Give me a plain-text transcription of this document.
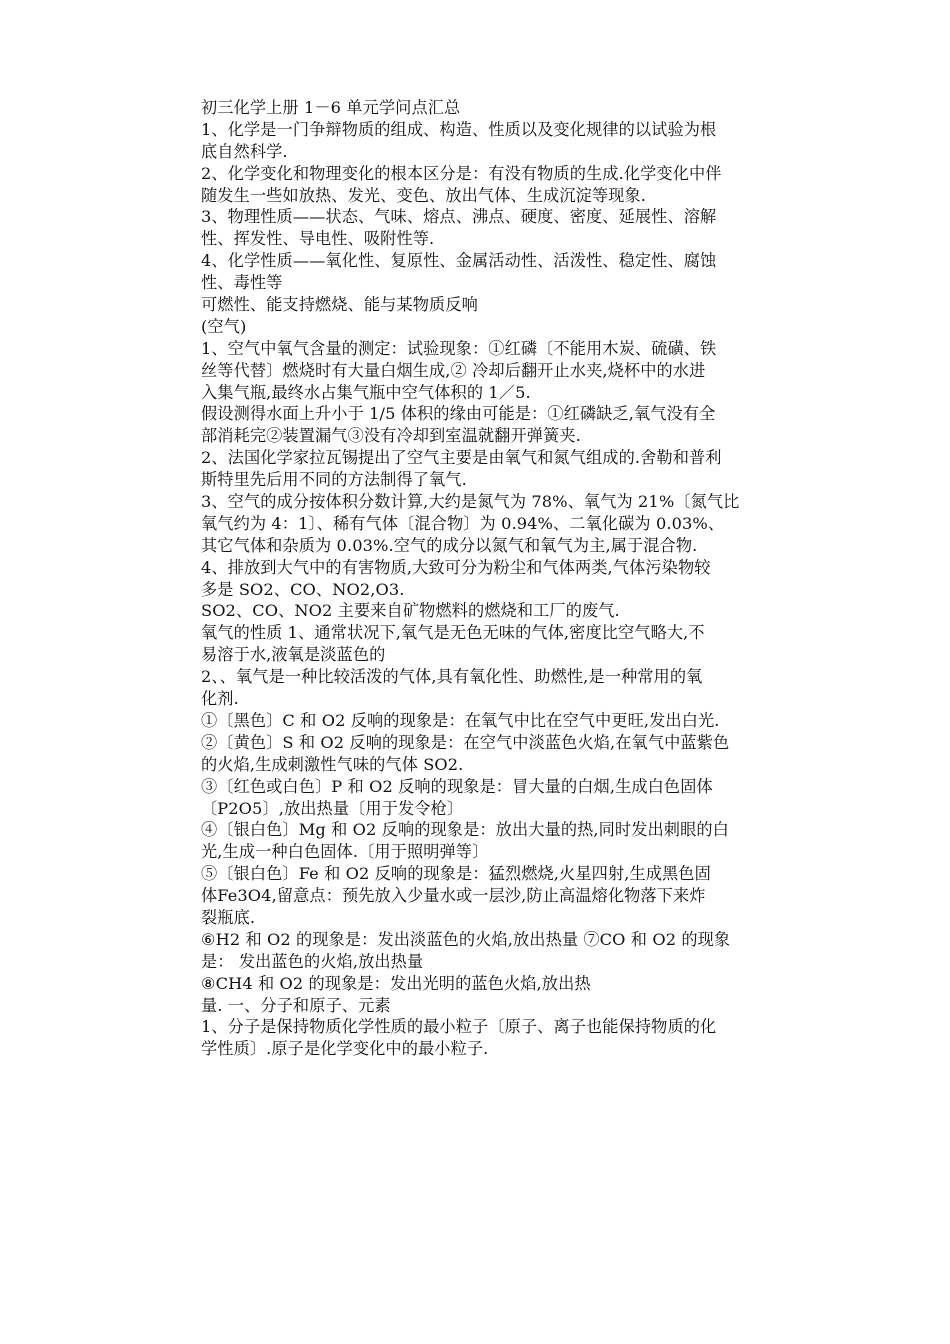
初三化学上册 1－6 单元学问点汇总
1、化学是一门争辩物质的组成、构造、性质以及变化规律的以试验为根
底自然科学.
2、化学变化和物理变化的根本区分是：有没有物质的生成.化学变化中伴
随发生一些如放热、发光、变色、放出气体、生成沉淀等现象.
3、物理性质——状态、气味、熔点、沸点、硬度、密度、延展性、溶解
性、挥发性、导电性、吸附性等.
4、化学性质——氧化性、复原性、金属活动性、活泼性、稳定性、腐蚀
性、毒性等
可燃性、能支持燃烧、能与某物质反响
(空气)
1、空气中氧气含量的测定：试验现象：①红磷〔不能用木炭、硫磺、铁
丝等代替〕燃烧时有大量白烟生成,② 冷却后翻开止水夹,烧杯中的水进
入集气瓶,最终水占集气瓶中空气体积的 1／5.
假设测得水面上升小于 1/5 体积的缘由可能是：①红磷缺乏,氧气没有全
部消耗完②装置漏气③没有冷却到室温就翻开弹簧夹.
2、法国化学家拉瓦锡提出了空气主要是由氧气和氮气组成的.舍勒和普利
斯特里先后用不同的方法制得了氧气.
3、空气的成分按体积分数计算,大约是氮气为 78%、氧气为 21%〔氮气比
氧气约为 4：1〕、稀有气体〔混合物〕为 0.94%、二氧化碳为 0.03%、
其它气体和杂质为 0.03%.空气的成分以氮气和氧气为主,属于混合物.
4、排放到大气中的有害物质,大致可分为粉尘和气体两类,气体污染物较
多是 SO2、CO、NO2,O3.
SO2、CO、NO2 主要来自矿物燃料的燃烧和工厂的废气.
氧气的性质 1、通常状况下,氧气是无色无味的气体,密度比空气略大,不
易溶于水,液氧是淡蓝色的
2、、氧气是一种比较活泼的气体,具有氧化性、助燃性,是一种常用的氧
化剂.
①〔黑色〕C 和 O2 反响的现象是：在氧气中比在空气中更旺,发出白光.
②〔黄色〕S 和 O2 反响的现象是：在空气中淡蓝色火焰,在氧气中蓝紫色
的火焰,生成刺激性气味的气体 SO2.
③〔红色或白色〕P 和 O2 反响的现象是：冒大量的白烟,生成白色固体
〔P2O5〕,放出热量〔用于发令枪〕
④〔银白色〕Mg 和 O2 反响的现象是：放出大量的热,同时发出刺眼的白
光,生成一种白色固体.〔用于照明弹等〕
⑤〔银白色〕Fe 和 O2 反响的现象是：猛烈燃烧,火星四射,生成黑色固
体Fe3O4,留意点：预先放入少量水或一层沙,防止高温熔化物落下来炸
裂瓶底.
⑥H2 和 O2 的现象是：发出淡蓝色的火焰,放出热量 ⑦CO 和 O2 的现象
是： 发出蓝色的火焰,放出热量
⑧CH4 和 O2 的现象是：发出光明的蓝色火焰,放出热
量. 一、分子和原子、元素
1、分子是保持物质化学性质的最小粒子〔原子、离子也能保持物质的化
学性质〕.原子是化学变化中的最小粒子.
